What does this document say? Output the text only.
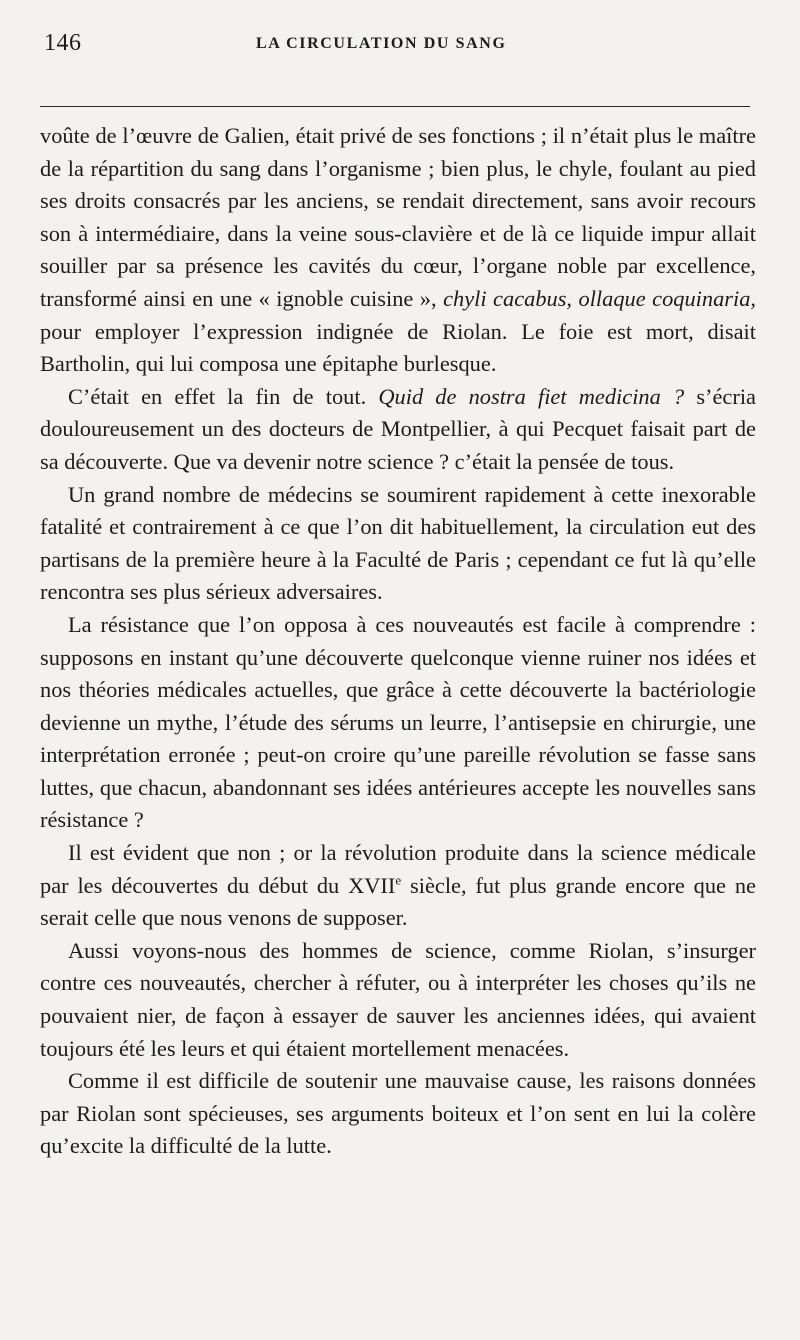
146	LA CIRCULATION DU SANG

voûte de l’œuvre de Galien, était privé de ses fonctions ; il n’était plus le maître de la répartition du sang dans l’organisme ; bien plus, le chyle, foulant au pied ses droits consacrés par les anciens, se rendait directement, sans avoir recours son à intermédiaire, dans la veine sous-clavière et de là ce liquide impur allait souiller par sa présence les cavités du cœur, l’organe noble par excellence, transformé ainsi en une « ignoble cuisine », chyli cacabus, ollaque coquinaria, pour employer l’expression indignée de Riolan. Le foie est mort, disait Bartholin, qui lui composa une épitaphe burlesque.

C’était en effet la fin de tout. Quid de nostra fiet medicina ? s’écria douloureusement un des docteurs de Montpellier, à qui Pecquet faisait part de sa découverte. Que va devenir notre science ? c’était la pensée de tous.

Un grand nombre de médecins se soumirent rapidement à cette inexorable fatalité et contrairement à ce que l’on dit habituellement, la circulation eut des partisans de la première heure à la Faculté de Paris ; cependant ce fut là qu’elle rencontra ses plus sérieux adversaires.

La résistance que l’on opposa à ces nouveautés est facile à comprendre : supposons en instant qu’une découverte quelconque vienne ruiner nos idées et nos théories médicales actuelles, que grâce à cette découverte la bactériologie devienne un mythe, l’étude des sérums un leurre, l’antisepsie en chirurgie, une interprétation erronée ; peut-on croire qu’une pareille révolution se fasse sans luttes, que chacun, abandonnant ses idées antérieures accepte les nouvelles sans résistance ?

Il est évident que non ; or la révolution produite dans la science médicale par les découvertes du début du XVIIe siècle, fut plus grande encore que ne serait celle que nous venons de supposer.

Aussi voyons-nous des hommes de science, comme Riolan, s’insurger contre ces nouveautés, chercher à réfuter, ou à interpréter les choses qu’ils ne pouvaient nier, de façon à essayer de sauver les anciennes idées, qui avaient toujours été les leurs et qui étaient mortellement menacées.

Comme il est difficile de soutenir une mauvaise cause, les raisons données par Riolan sont spécieuses, ses arguments boiteux et l’on sent en lui la colère qu’excite la difficulté de la lutte.
